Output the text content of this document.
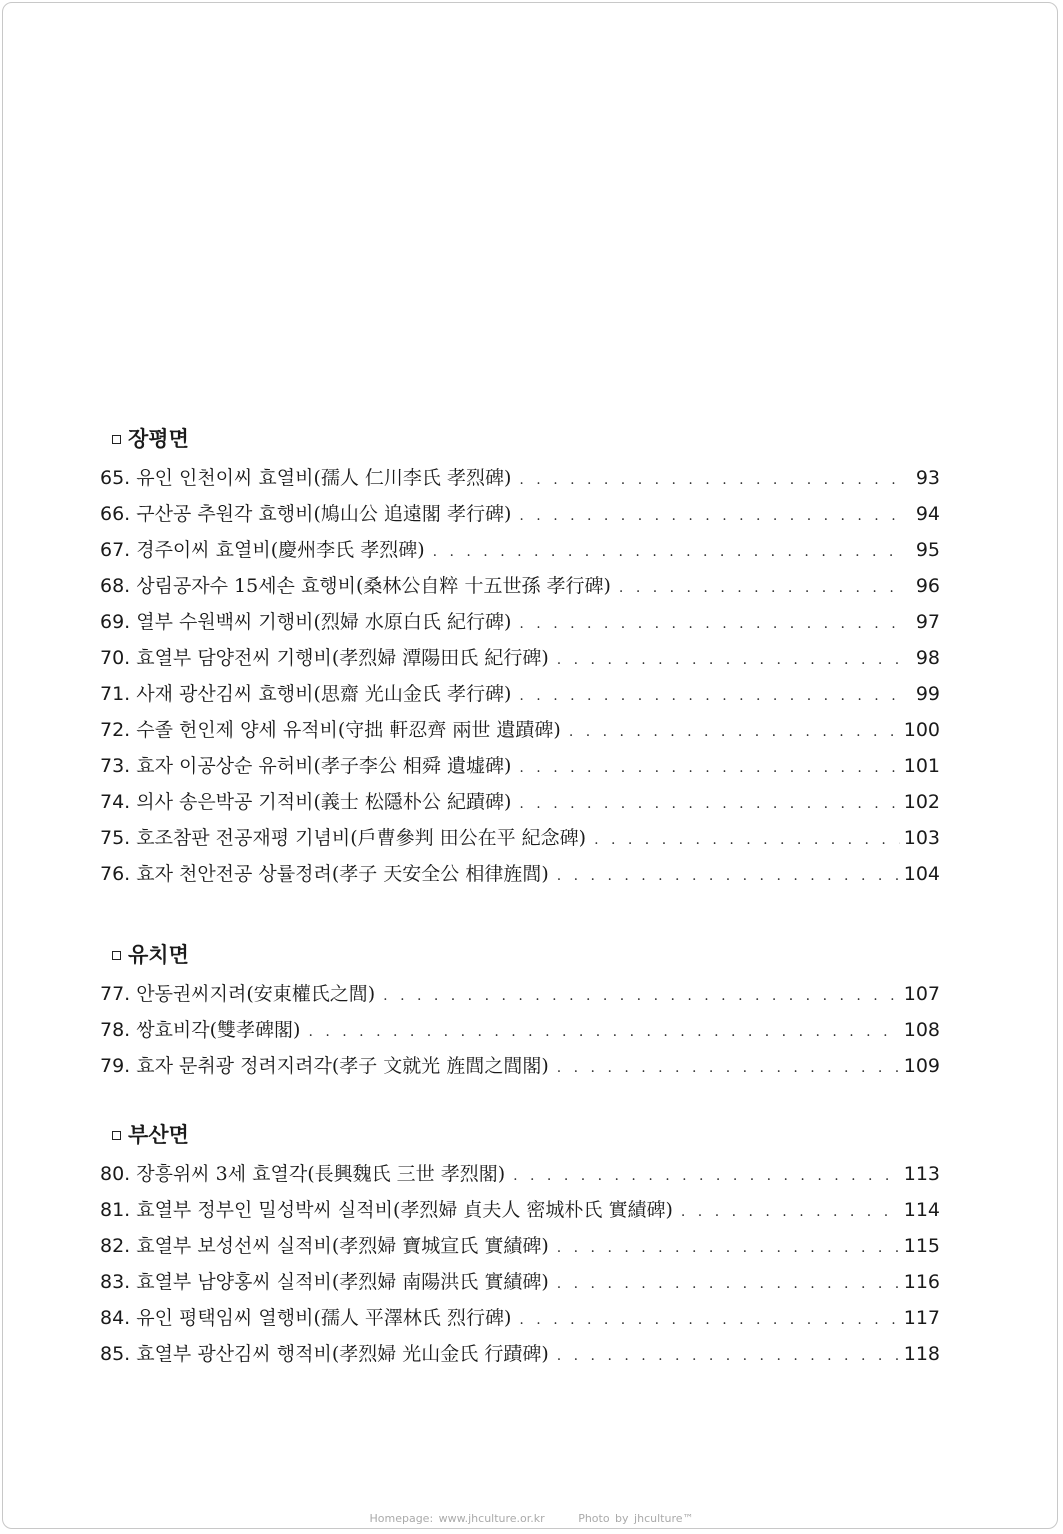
장평면
65. 유인 인천이씨 효열비(孺人 仁川李氏 孝烈碑) . . .	93
66. 구산공 추원각 효행비(鳩山公 追遠閣 孝行碑) . . .	94
67. 경주이씨 효열비(慶州李氏 孝烈碑) . . .	95
68. 상림공자수 15세손 효행비(桑林公自粹 十五世孫 孝行碑) . . .	96
69. 열부 수원백씨 기행비(烈婦 水原白氏 紀行碑) . . .	97
70. 효열부 담양전씨 기행비(孝烈婦 潭陽田氏 紀行碑) . . .	98
71. 사재 광산김씨 효행비(思齋 光山金氏 孝行碑) . . .	99
72. 수졸 헌인제 양세 유적비(守拙 軒忍齊 兩世 遺蹟碑) . . .	100
73. 효자 이공상순 유허비(孝子李公 相舜 遺墟碑) . . .	101
74. 의사 송은박공 기적비(義士 松隱朴公 紀蹟碑) . . .	102
75. 호조참판 전공재평 기념비(戶曹參判 田公在平 紀念碑) . . .	103
76. 효자 천안전공 상률정려(孝子 天安全公 相律旌閭) . . .	104
유치면
77. 안동권씨지려(安東權氏之閭) . . .	107
78. 쌍효비각(雙孝碑閣) . . .	108
79. 효자 문취광 정려지려각(孝子 文就光 旌閭之閭閣) . . .	109
부산면
80. 장흥위씨 3세 효열각(長興魏氏 三世 孝烈閣) . . .	113
81. 효열부 정부인 밀성박씨 실적비(孝烈婦 貞夫人 密城朴氏 實績碑) . . .	114
82. 효열부 보성선씨 실적비(孝烈婦 寶城宣氏 實績碑) . . .	115
83. 효열부 남양홍씨 실적비(孝烈婦 南陽洪氏 實績碑) . . .	116
84. 유인 평택임씨 열행비(孺人 平澤林氏 烈行碑) . . .	117
85. 효열부 광산김씨 행적비(孝烈婦 光山金氏 行蹟碑) . . .	118
Homepage: www.jhculture.or.kr	Photo by jhculture™
